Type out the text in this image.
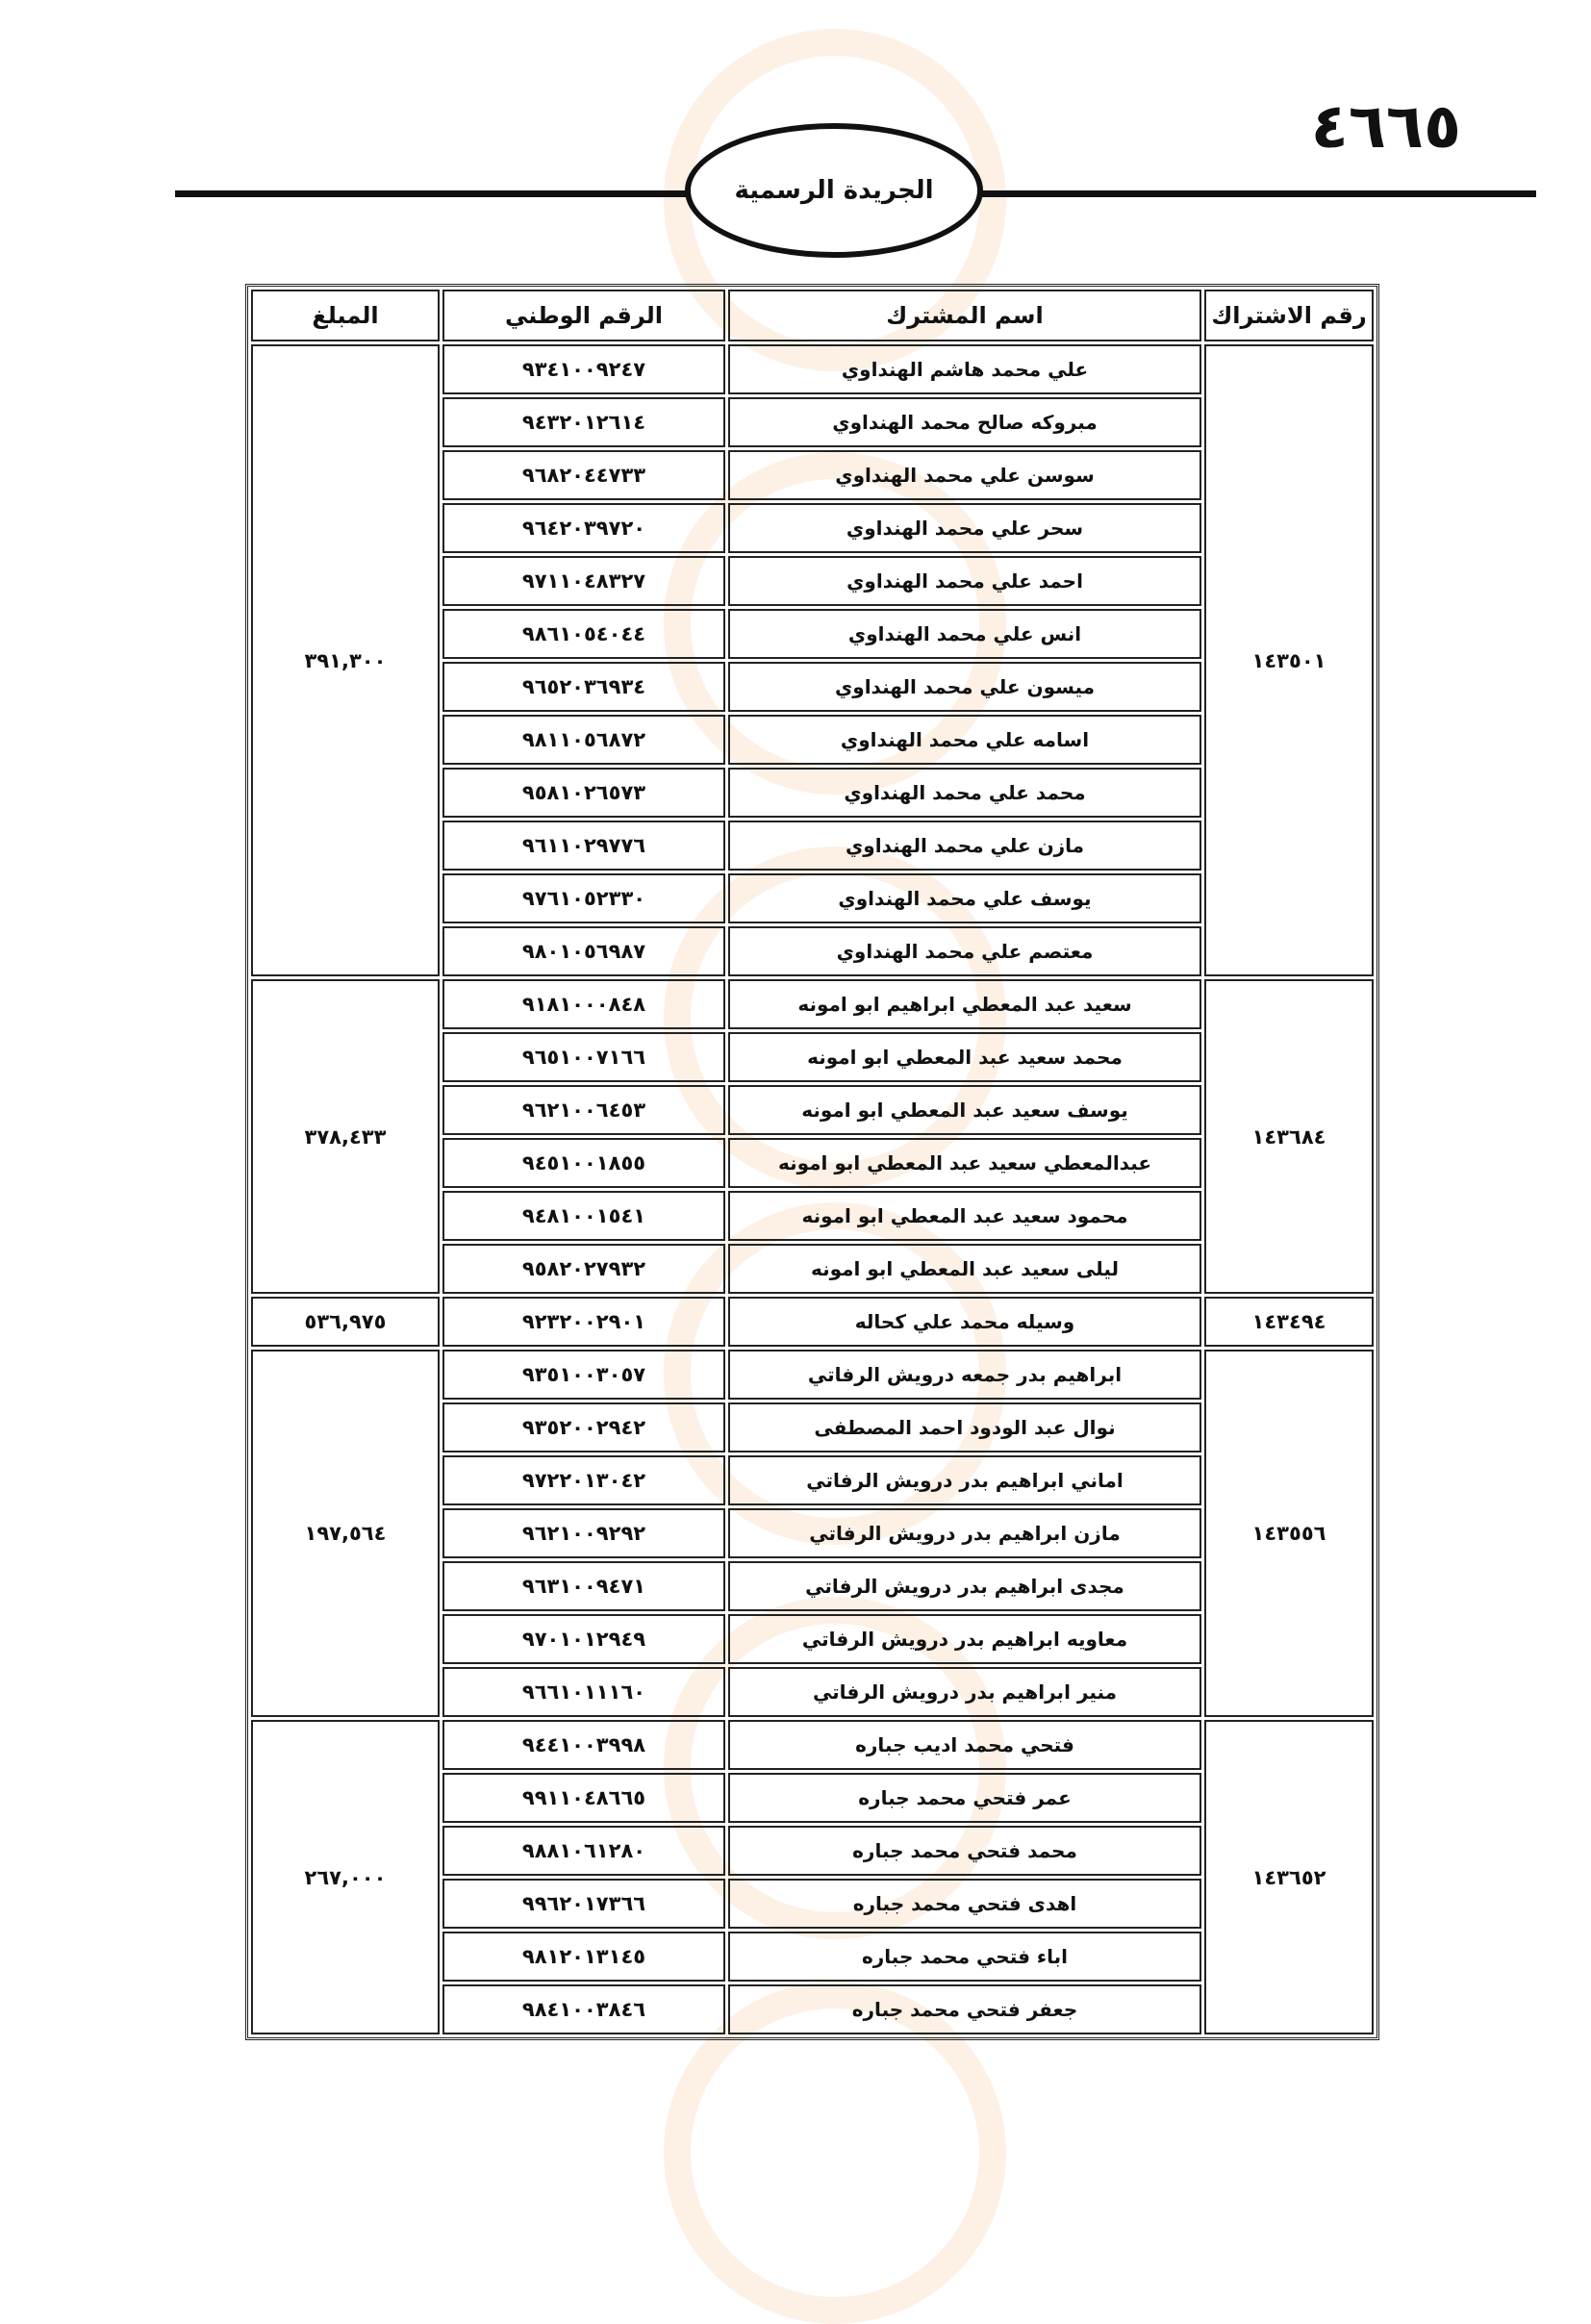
٤٦٦٥
الجريدة الرسمية
رقم الاشتراك	اسم المشترك	الرقم الوطني	المبلغ
١٤٣٥٠١	علي محمد هاشم الهنداوي	٩٣٤١٠٠٩٢٤٧	٣٩١,٣٠٠
	مبروكه صالح محمد الهنداوي	٩٤٣٢٠١٢٦١٤	
	سوسن علي محمد الهنداوي	٩٦٨٢٠٤٤٧٣٣	
	سحر علي محمد الهنداوي	٩٦٤٢٠٣٩٧٢٠	
	احمد علي محمد الهنداوي	٩٧١١٠٤٨٣٢٧	
	انس علي محمد الهنداوي	٩٨٦١٠٥٤٠٤٤	
	ميسون علي محمد الهنداوي	٩٦٥٢٠٣٦٩٣٤	
	اسامه علي محمد الهنداوي	٩٨١١٠٥٦٨٧٢	
	محمد علي محمد الهنداوي	٩٥٨١٠٢٦٥٧٣	
	مازن علي محمد الهنداوي	٩٦١١٠٢٩٧٧٦	
	يوسف علي محمد الهنداوي	٩٧٦١٠٥٢٣٣٠	
	معتصم علي محمد الهنداوي	٩٨٠١٠٥٦٩٨٧	
١٤٣٦٨٤	سعيد عبد المعطي ابراهيم ابو امونه	٩١٨١٠٠٠٨٤٨	٣٧٨,٤٣٣
	محمد سعيد عبد المعطي ابو امونه	٩٦٥١٠٠٧١٦٦	
	يوسف سعيد عبد المعطي ابو امونه	٩٦٢١٠٠٦٤٥٣	
	عبدالمعطي سعيد عبد المعطي ابو امونه	٩٤٥١٠٠١٨٥٥	
	محمود سعيد عبد المعطي ابو امونه	٩٤٨١٠٠١٥٤١	
	ليلى سعيد عبد المعطي ابو امونه	٩٥٨٢٠٢٧٩٣٢	
١٤٣٤٩٤	وسيله محمد علي كحاله	٩٢٣٢٠٠٢٩٠١	٥٣٦,٩٧٥
١٤٣٥٥٦	ابراهيم بدر جمعه درويش الرفاتي	٩٣٥١٠٠٣٠٥٧	١٩٧,٥٦٤
	نوال عبد الودود احمد المصطفى	٩٣٥٢٠٠٢٩٤٢	
	اماني ابراهيم بدر درويش الرفاتي	٩٧٢٢٠١٣٠٤٢	
	مازن ابراهيم بدر درويش الرفاتي	٩٦٢١٠٠٩٢٩٢	
	مجدى ابراهيم بدر درويش الرفاتي	٩٦٣١٠٠٩٤٧١	
	معاويه ابراهيم بدر درويش الرفاتي	٩٧٠١٠١٢٩٤٩	
	منير ابراهيم بدر درويش الرفاتي	٩٦٦١٠١١١٦٠	
١٤٣٦٥٢	فتحي محمد اديب جباره	٩٤٤١٠٠٣٩٩٨	٢٦٧,٠٠٠
	عمر فتحي محمد جباره	٩٩١١٠٤٨٦٦٥	
	محمد فتحي محمد جباره	٩٨٨١٠٦١٢٨٠	
	اهدى فتحي محمد جباره	٩٩٦٢٠١٧٣٦٦	
	اباء فتحي محمد جباره	٩٨١٢٠١٣١٤٥	
	جعفر فتحي محمد جباره	٩٨٤١٠٠٣٨٤٦	
